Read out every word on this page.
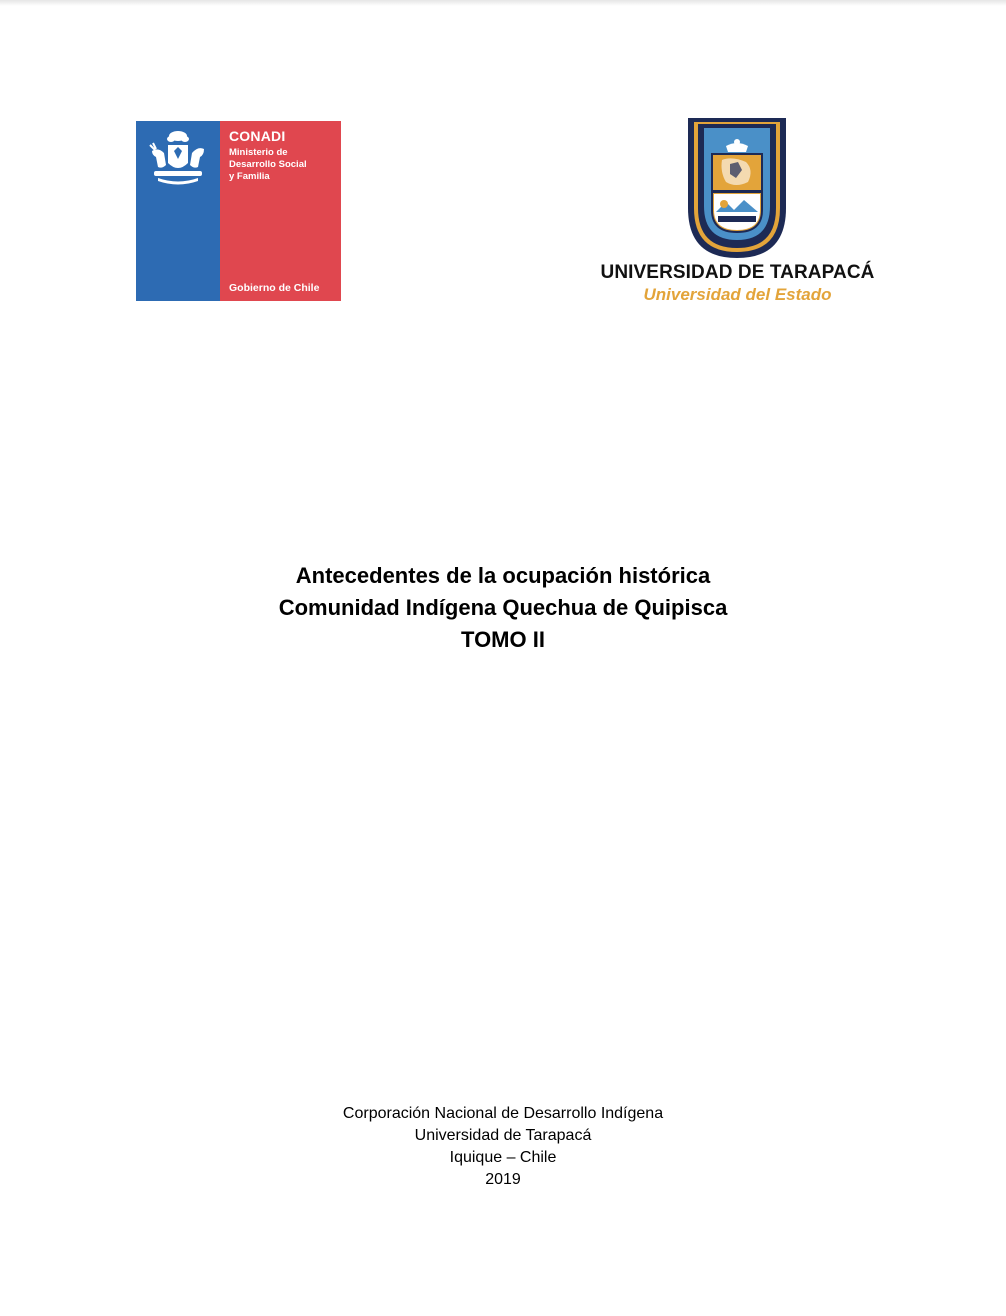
CONADI
Ministerio de
Desarrollo Social
y Familia
Gobierno de Chile
UNIVERSIDAD DE TARAPACÁ
Universidad del Estado
Antecedentes de la ocupación histórica
Comunidad Indígena Quechua de Quipisca
TOMO II
Corporación Nacional de Desarrollo Indígena
Universidad de Tarapacá
Iquique – Chile
2019
